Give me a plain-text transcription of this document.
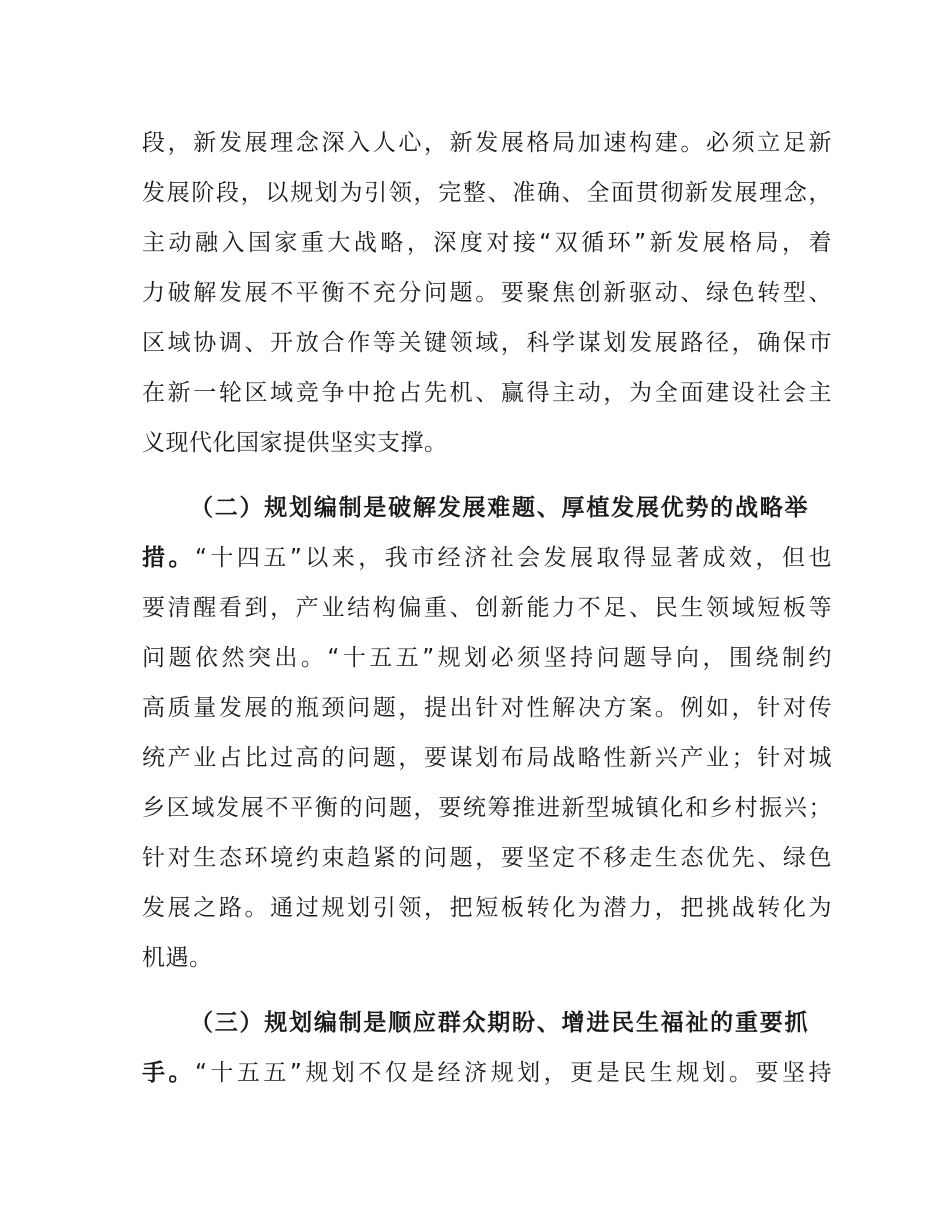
段，新发展理念深入人心，新发展格局加速构建。必须立足新
发展阶段，以规划为引领，完整、准确、全面贯彻新发展理念，
主动融入国家重大战略，深度对接“双循环”新发展格局，着
力破解发展不平衡不充分问题。要聚焦创新驱动、绿色转型、
区域协调、开放合作等关键领域，科学谋划发展路径，确保市
在新一轮区域竞争中抢占先机、赢得主动，为全面建设社会主
义现代化国家提供坚实支撑。
（二）规划编制是破解发展难题、厚植发展优势的战略举
措。“十四五”以来，我市经济社会发展取得显著成效，但也
要清醒看到，产业结构偏重、创新能力不足、民生领域短板等
问题依然突出。“十五五”规划必须坚持问题导向，围绕制约
高质量发展的瓶颈问题，提出针对性解决方案。例如，针对传
统产业占比过高的问题，要谋划布局战略性新兴产业；针对城
乡区域发展不平衡的问题，要统筹推进新型城镇化和乡村振兴；
针对生态环境约束趋紧的问题，要坚定不移走生态优先、绿色
发展之路。通过规划引领，把短板转化为潜力，把挑战转化为
机遇。
（三）规划编制是顺应群众期盼、增进民生福祉的重要抓
手。“十五五”规划不仅是经济规划，更是民生规划。要坚持
